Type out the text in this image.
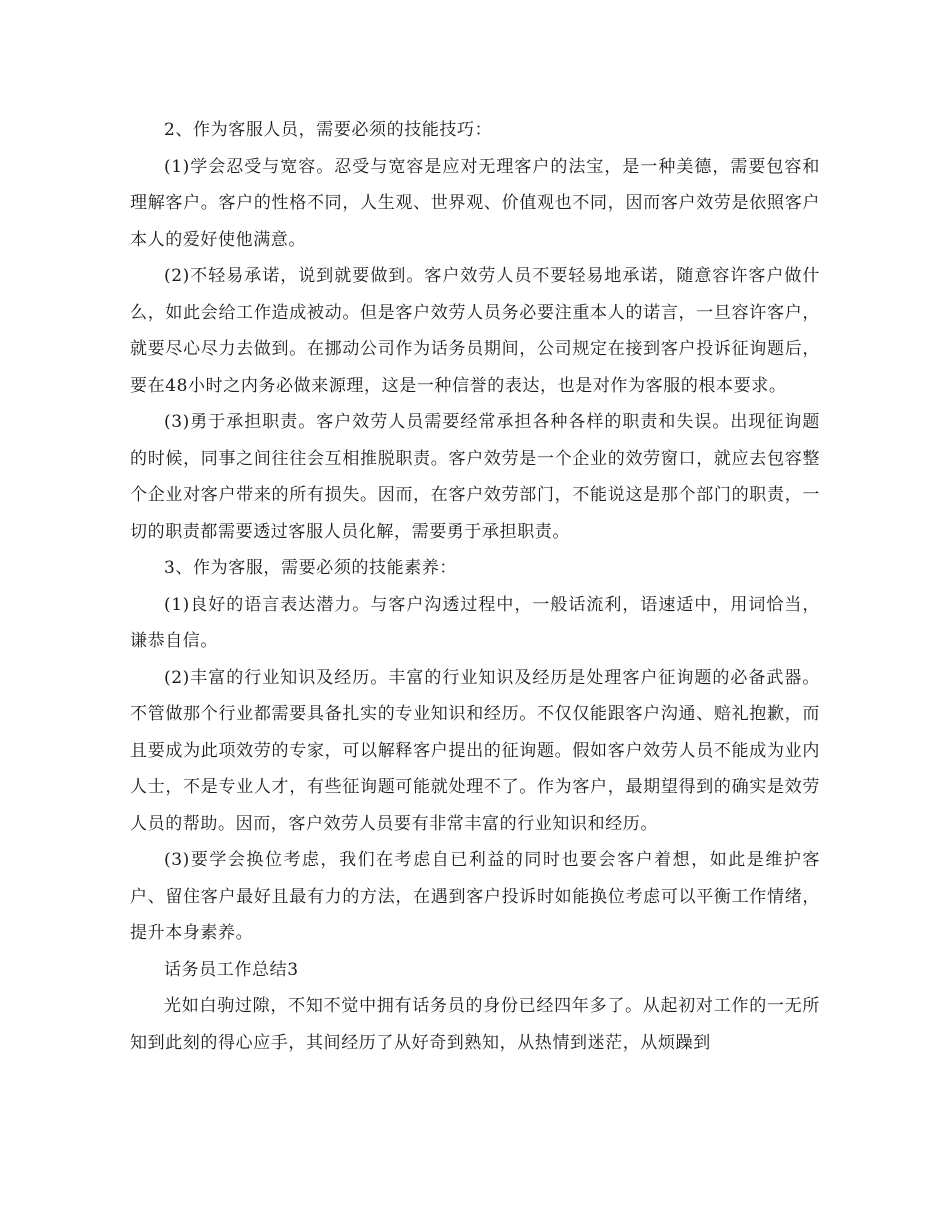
2、作为客服人员，需要必须的技能技巧：

(1)学会忍受与宽容。忍受与宽容是应对无理客户的法宝，是一种美德，需要包容和理解客户。客户的性格不同，人生观、世界观、价值观也不同，因而客户效劳是依照客户本人的爱好使他满意。

(2)不轻易承诺，说到就要做到。客户效劳人员不要轻易地承诺，随意容许客户做什么，如此会给工作造成被动。但是客户效劳人员务必要注重本人的诺言，一旦容许客户，就要尽心尽力去做到。在挪动公司作为话务员期间，公司规定在接到客户投诉征询题后，要在48小时之内务必做来源理，这是一种信誉的表达，也是对作为客服的根本要求。

(3)勇于承担职责。客户效劳人员需要经常承担各种各样的职责和失误。出现征询题的时候，同事之间往往会互相推脱职责。客户效劳是一个企业的效劳窗口，就应去包容整个企业对客户带来的所有损失。因而，在客户效劳部门，不能说这是那个部门的职责，一切的职责都需要透过客服人员化解，需要勇于承担职责。

3、作为客服，需要必须的技能素养：

(1)良好的语言表达潜力。与客户沟透过程中，一般话流利，语速适中，用词恰当，谦恭自信。

(2)丰富的行业知识及经历。丰富的行业知识及经历是处理客户征询题的必备武器。不管做那个行业都需要具备扎实的专业知识和经历。不仅仅能跟客户沟通、赔礼抱歉，而且要成为此项效劳的专家，可以解释客户提出的征询题。假如客户效劳人员不能成为业内人士，不是专业人才，有些征询题可能就处理不了。作为客户，最期望得到的确实是效劳人员的帮助。因而，客户效劳人员要有非常丰富的行业知识和经历。

(3)要学会换位考虑，我们在考虑自已利益的同时也要会客户着想，如此是维护客户、留住客户最好且最有力的方法，在遇到客户投诉时如能换位考虑可以平衡工作情绪，提升本身素养。

话务员工作总结3

光如白驹过隙，不知不觉中拥有话务员的身份已经四年多了。从起初对工作的一无所知到此刻的得心应手，其间经历了从好奇到熟知，从热情到迷茫，从烦躁到
